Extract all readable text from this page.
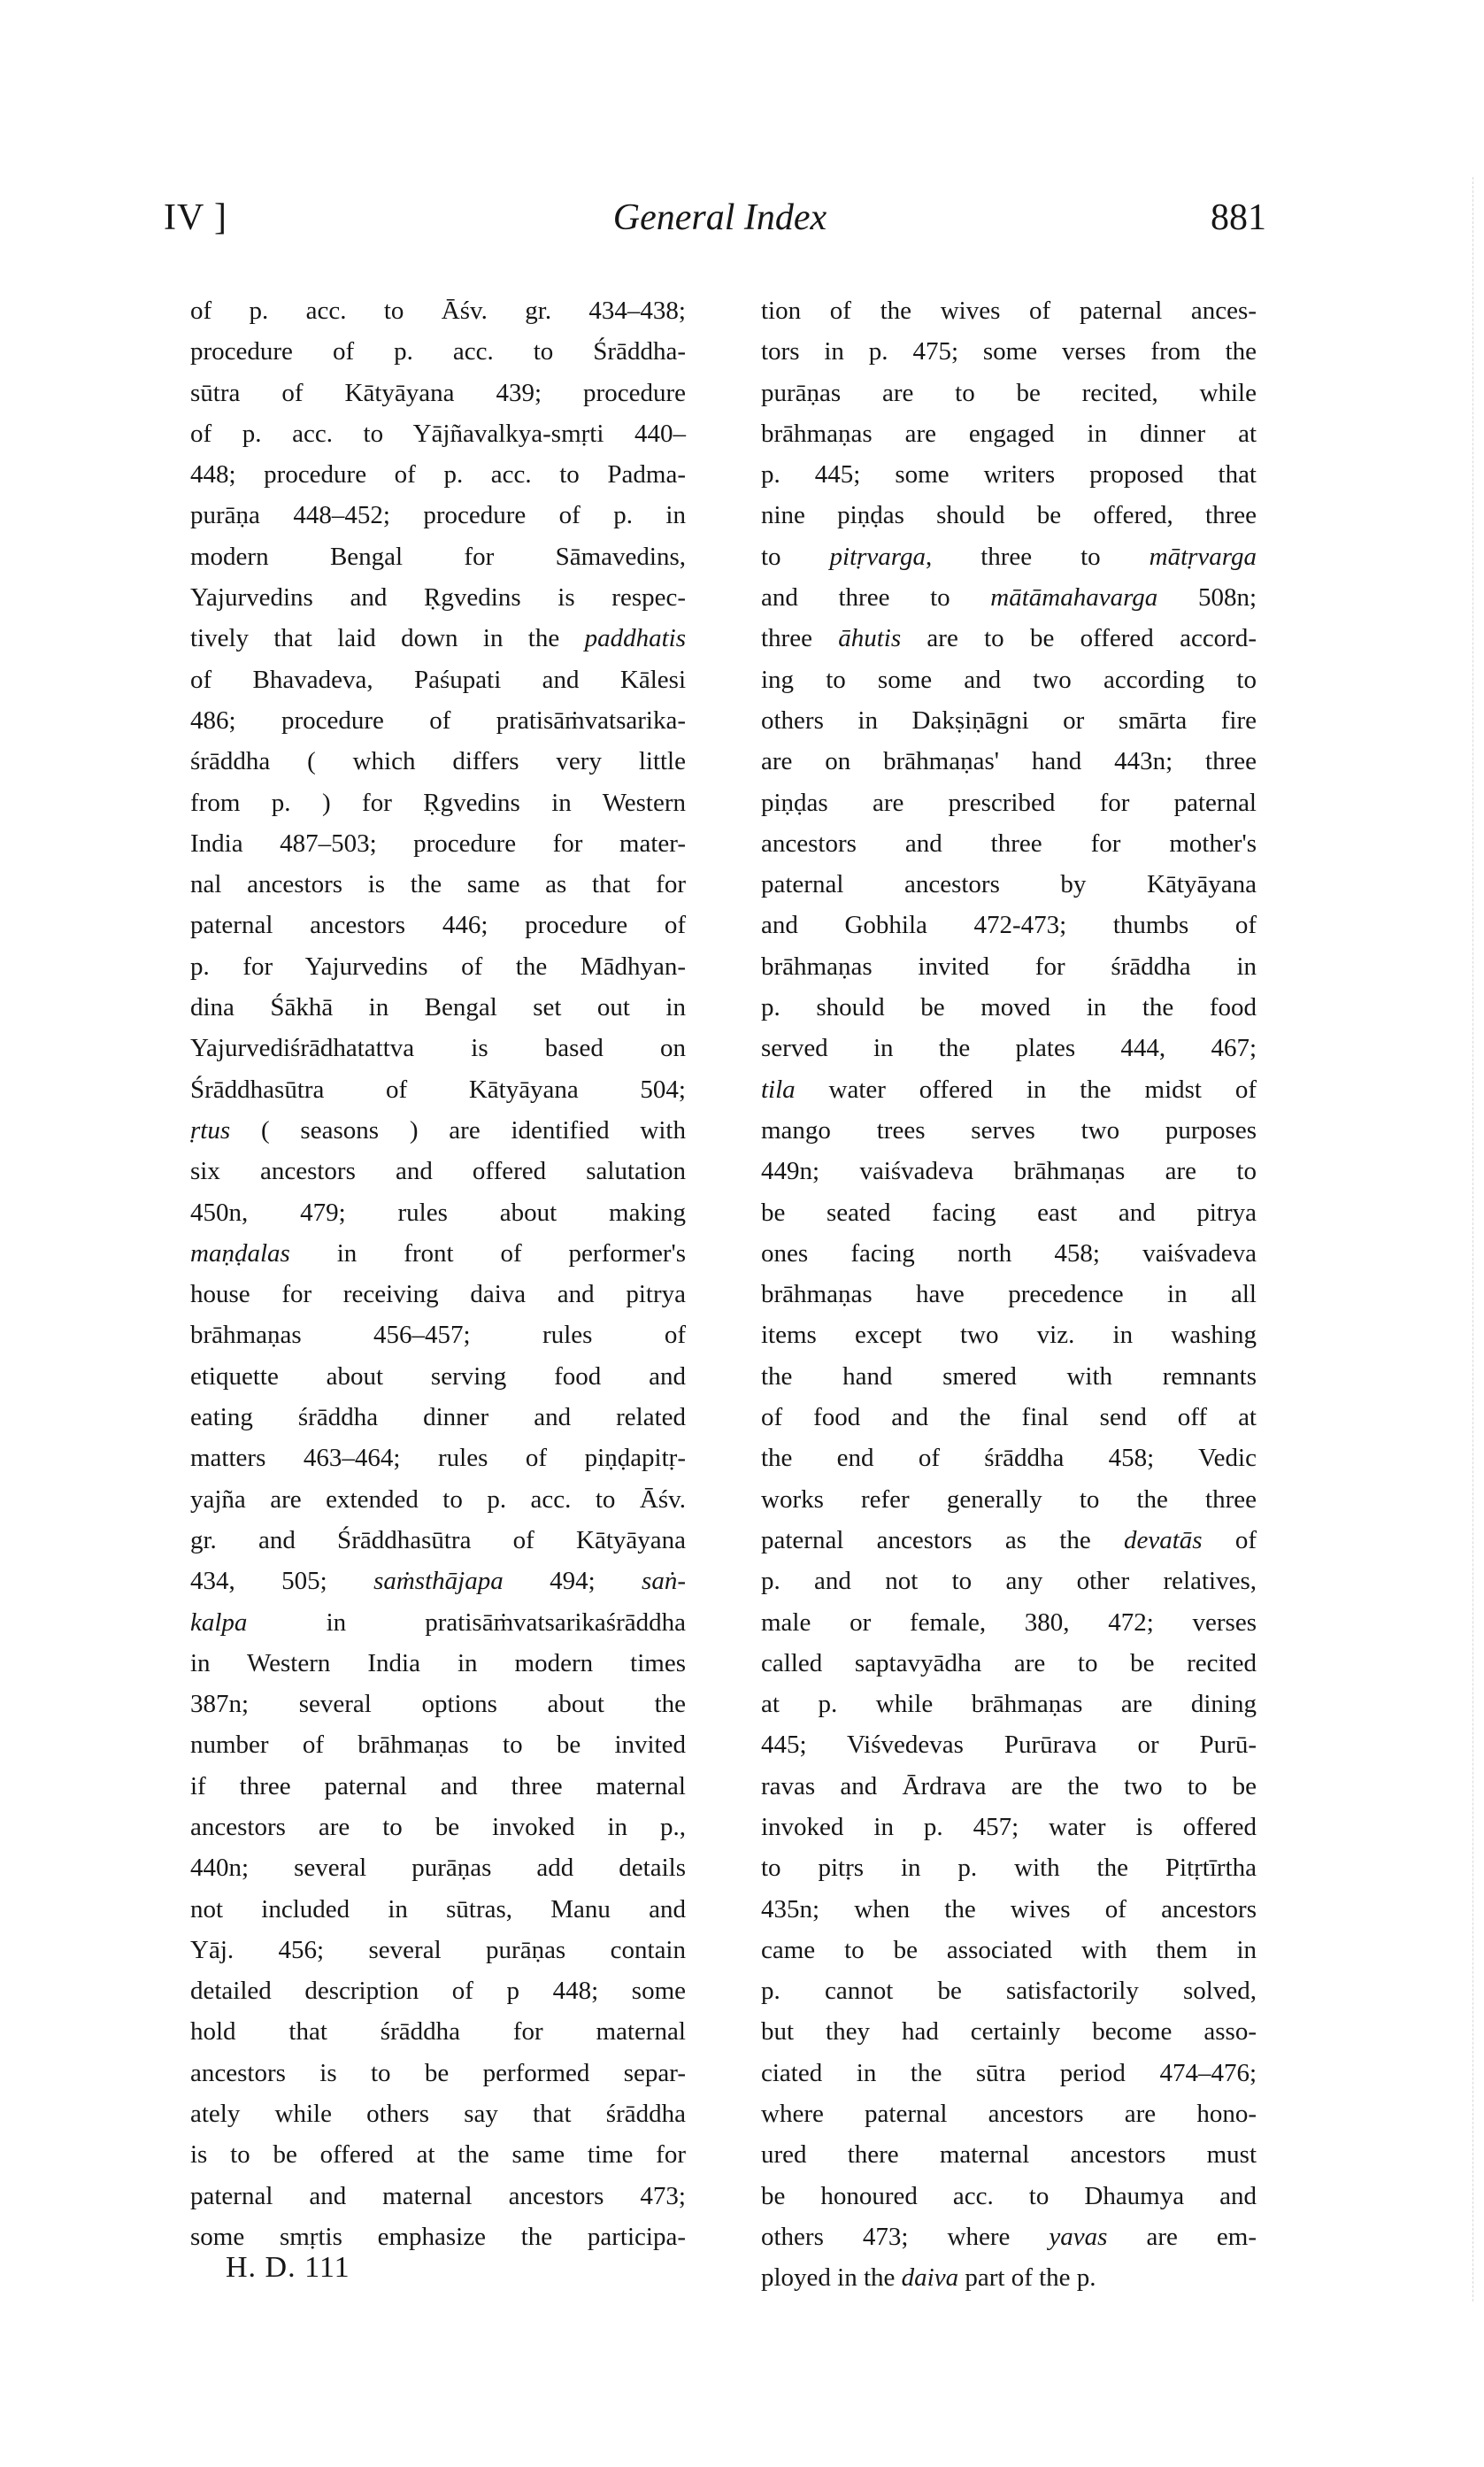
IV ]	General Index	881
of p. acc. to Āśv. gr. 434–438;
procedure of p. acc. to Śrāddha-
sūtra of Kātyāyana 439; procedure
of p. acc. to Yājñavalkya-smṛti 440–
448; procedure of p. acc. to Padma-
purāṇa 448–452; procedure of p. in
modern Bengal for Sāmavedins,
Yajurvedins and Ṛgvedins is respec-
tively that laid down in the paddhatis
of Bhavadeva, Paśupati and Kālesi
486; procedure of pratisāṁvatsarika-
śrāddha ( which differs very little
from p. ) for Ṛgvedins in Western
India 487–503; procedure for mater-
nal ancestors is the same as that for
paternal ancestors 446; procedure of
p. for Yajurvedins of the Mādhyan-
dina Śākhā in Bengal set out in
Yajurvediśrādhatattva is based on
Śrāddhasūtra of Kātyāyana 504;
ṛtus ( seasons ) are identified with
six ancestors and offered salutation
450n, 479; rules about making
maṇḍalas in front of performer's
house for receiving daiva and pitrya
brāhmaṇas 456–457; rules of
etiquette about serving food and
eating śrāddha dinner and related
matters 463–464; rules of piṇḍapitṛ-
yajña are extended to p. acc. to Āśv.
gr. and Śrāddhasūtra of Kātyāyana
434, 505; saṁsthājapa 494; saṅ-
kalpa in pratisāṁvatsarikaśrāddha
in Western India in modern times
387n; several options about the
number of brāhmaṇas to be invited
if three paternal and three maternal
ancestors are to be invoked in p.,
440n; several purāṇas add details
not included in sūtras, Manu and
Yāj. 456; several purāṇas contain
detailed description of p 448; some
hold that śrāddha for maternal
ancestors is to be performed separ-
ately while others say that śrāddha
is to be offered at the same time for
paternal and maternal ancestors 473;
some smṛtis emphasize the participa-
tion of the wives of paternal ances-
tors in p. 475; some verses from the
purāṇas are to be recited, while
brāhmaṇas are engaged in dinner at
p. 445; some writers proposed that
nine piṇḍas should be offered, three
to pitṛvarga, three to mātṛvarga
and three to mātāmahavarga 508n;
three āhutis are to be offered accord-
ing to some and two according to
others in Dakṣiṇāgni or smārta fire
are on brāhmaṇas' hand 443n; three
piṇḍas are prescribed for paternal
ancestors and three for mother's
paternal ancestors by Kātyāyana
and Gobhila 472-473; thumbs of
brāhmaṇas invited for śrāddha in
p. should be moved in the food
served in the plates 444, 467;
tila water offered in the midst of
mango trees serves two purposes
449n; vaiśvadeva brāhmaṇas are to
be seated facing east and pitrya
ones facing north 458; vaiśvadeva
brāhmaṇas have precedence in all
items except two viz. in washing
the hand smered with remnants
of food and the final send off at
the end of śrāddha 458; Vedic
works refer generally to the three
paternal ancestors as the devatās of
p. and not to any other relatives,
male or female, 380, 472; verses
called saptavyādha are to be recited
at p. while brāhmaṇas are dining
445; Viśvedevas Purūrava or Purū-
ravas and Ārdrava are the two to be
invoked in p. 457; water is offered
to pitṛs in p. with the Pitṛtīrtha
435n; when the wives of ancestors
came to be associated with them in
p. cannot be satisfactorily solved,
but they had certainly become asso-
ciated in the sūtra period 474–476;
where paternal ancestors are hono-
ured there maternal ancestors must
be honoured acc. to Dhaumya and
others 473; where yavas are em-
ployed in the daiva part of the p.
H. D. 111
